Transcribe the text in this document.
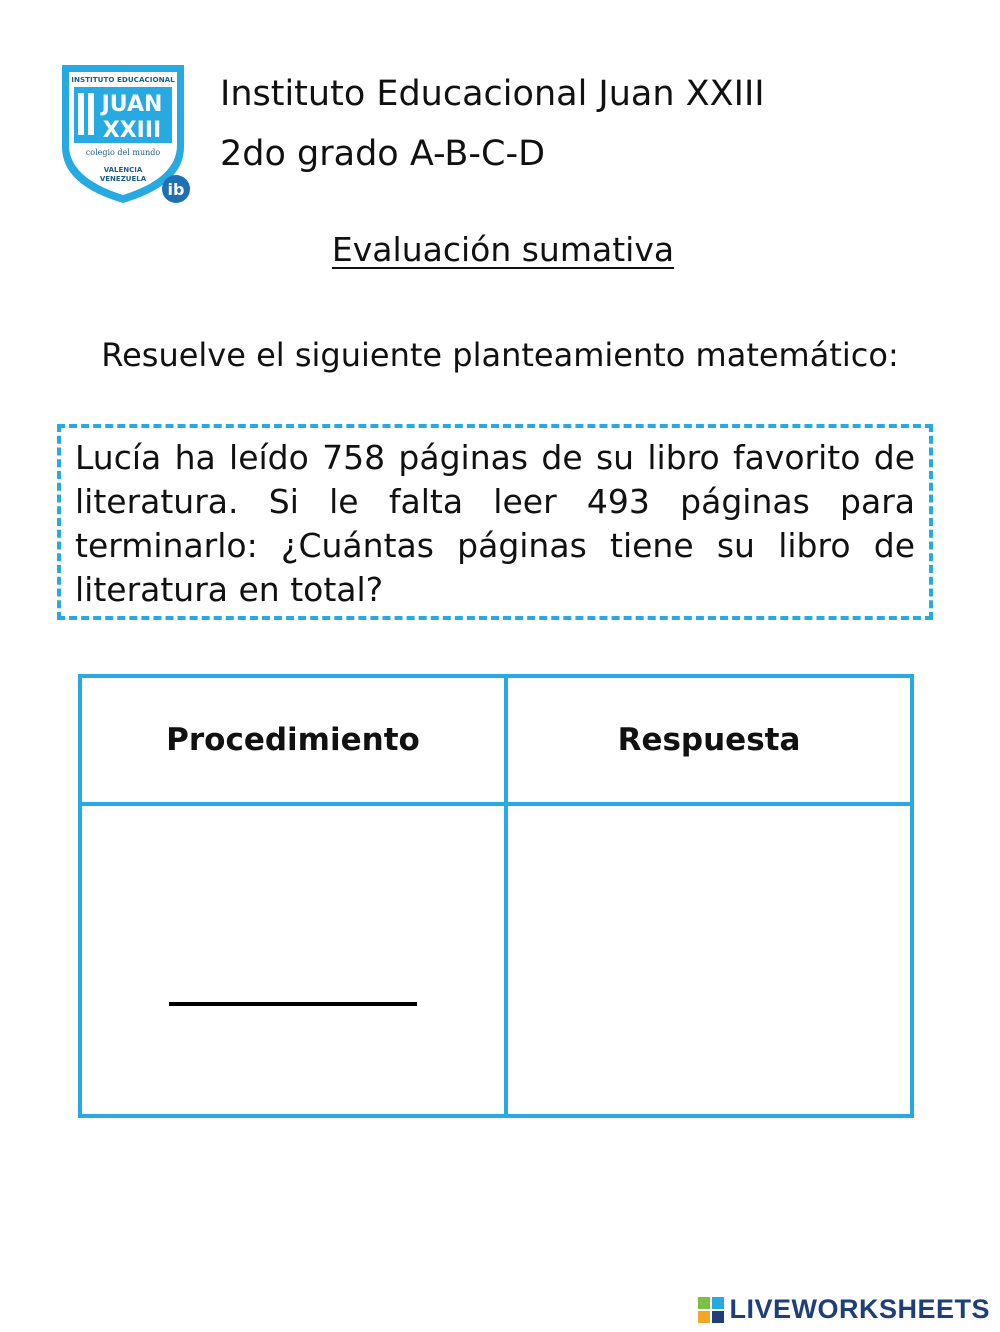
INSTITUTO EDUCACIONAL
JUAN
XXIII
colegio del mundo
VALENCIA
VENEZUELA
ib
Instituto Educacional Juan XXIII
2do grado A-B-C-D
Evaluación sumativa
Resuelve el siguiente planteamiento matemático:

Lucía ha leído 758 páginas de su libro favorito de literatura. Si le falta leer 493 páginas para terminarlo: ¿Cuántas páginas tiene su libro de literatura en total?

Procedimiento	Respuesta

LIVEWORKSHEETS
